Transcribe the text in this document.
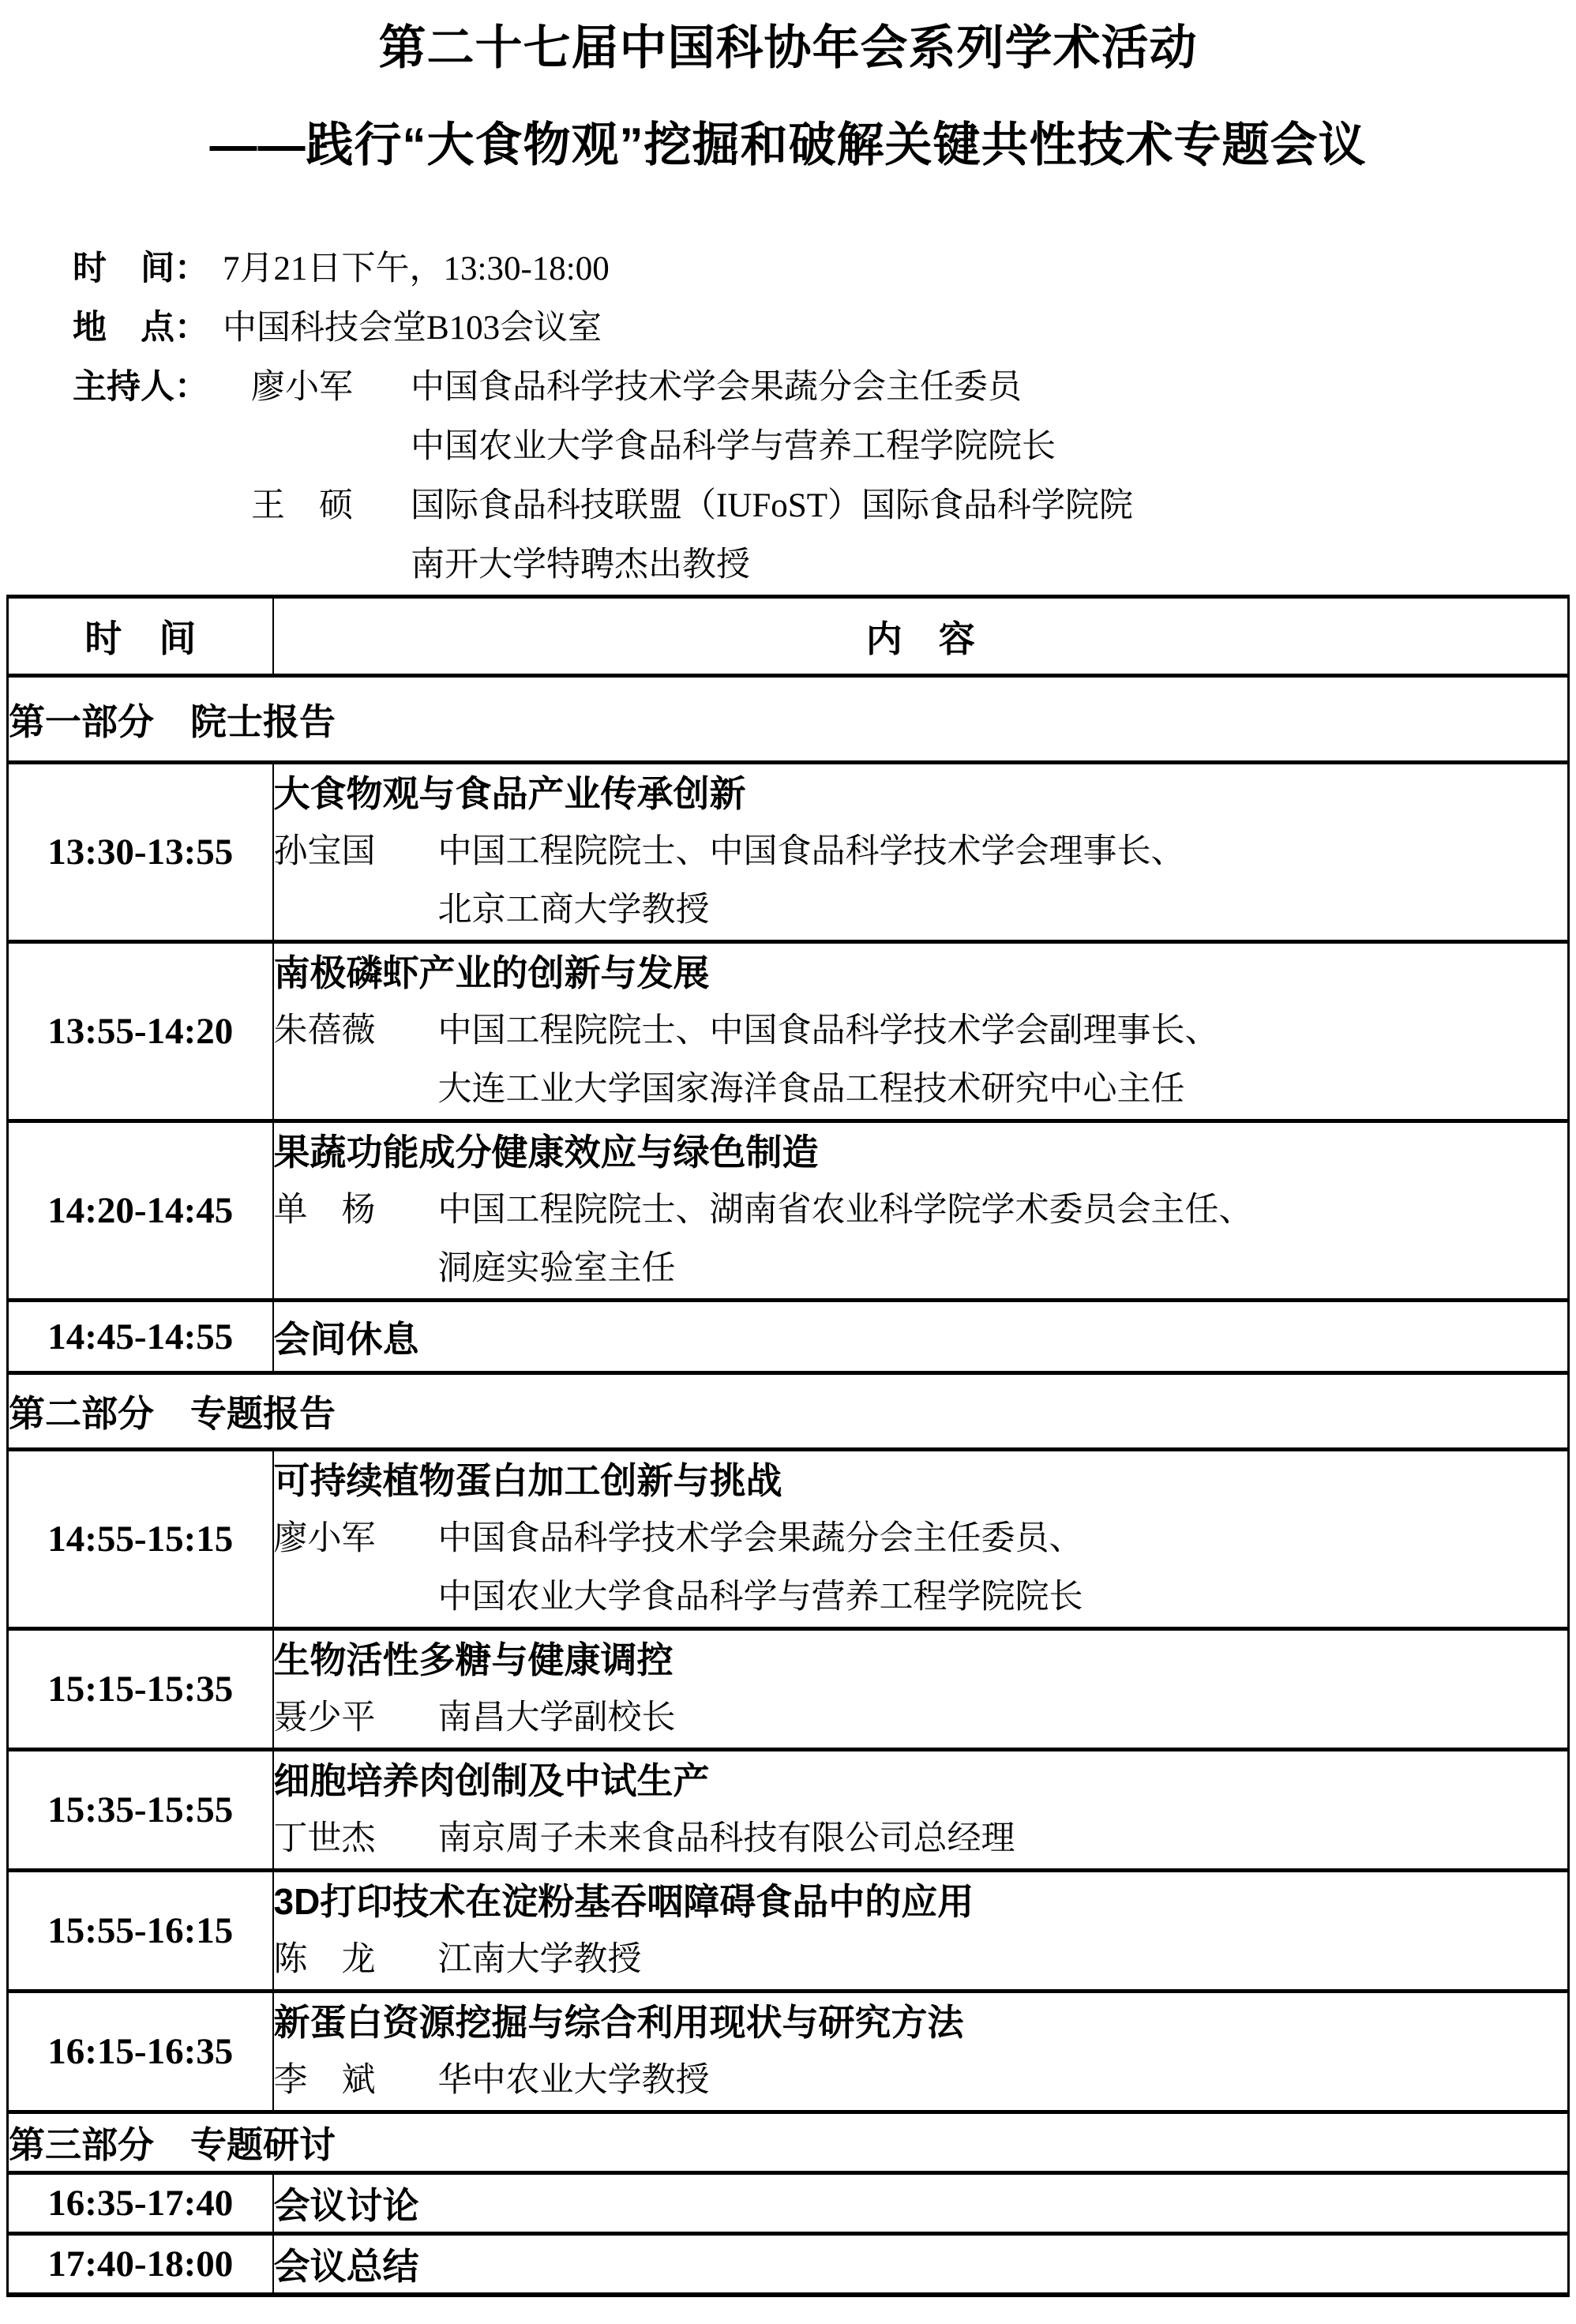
第二十七届中国科协年会系列学术活动
——践行“大食物观”挖掘和破解关键共性技术专题会议
时　间： 7月21日下午，13:30-18:00
地　点： 中国科技会堂B103会议室
主持人：	廖小军	中国食品科学技术学会果蔬分会主任委员
中国农业大学食品科学与营养工程学院院长
王　硕	国际食品科技联盟（IUFoST）国际食品科学院院
南开大学特聘杰出教授
时　间	内　容
第一部分　院士报告	
13:30-13:55	大食物观与食品产业传承创新
孙宝国 中国工程院院士、中国食品科学技术学会理事长、
北京工商大学教授

13:55-14:20	南极磷虾产业的创新与发展
朱蓓薇 中国工程院院士、中国食品科学技术学会副理事长、
大连工业大学国家海洋食品工程技术研究中心主任

14:20-14:45	果蔬功能成分健康效应与绿色制造
单　杨 中国工程院院士、湖南省农业科学院学术委员会主任、
洞庭实验室主任

14:45-14:55	会间休息
第二部分　专题报告	
14:55-15:15	可持续植物蛋白加工创新与挑战
廖小军 中国食品科学技术学会果蔬分会主任委员、
中国农业大学食品科学与营养工程学院院长

15:15-15:35	生物活性多糖与健康调控
聂少平 南昌大学副校长

15:35-15:55	细胞培养肉创制及中试生产
丁世杰 南京周子未来食品科技有限公司总经理

15:55-16:15	3D打印技术在淀粉基吞咽障碍食品中的应用
陈　龙 江南大学教授

16:15-16:35	新蛋白资源挖掘与综合利用现状与研究方法
李　斌 华中农业大学教授

第三部分　专题研讨	
16:35-17:40	会议讨论
17:40-18:00	会议总结
